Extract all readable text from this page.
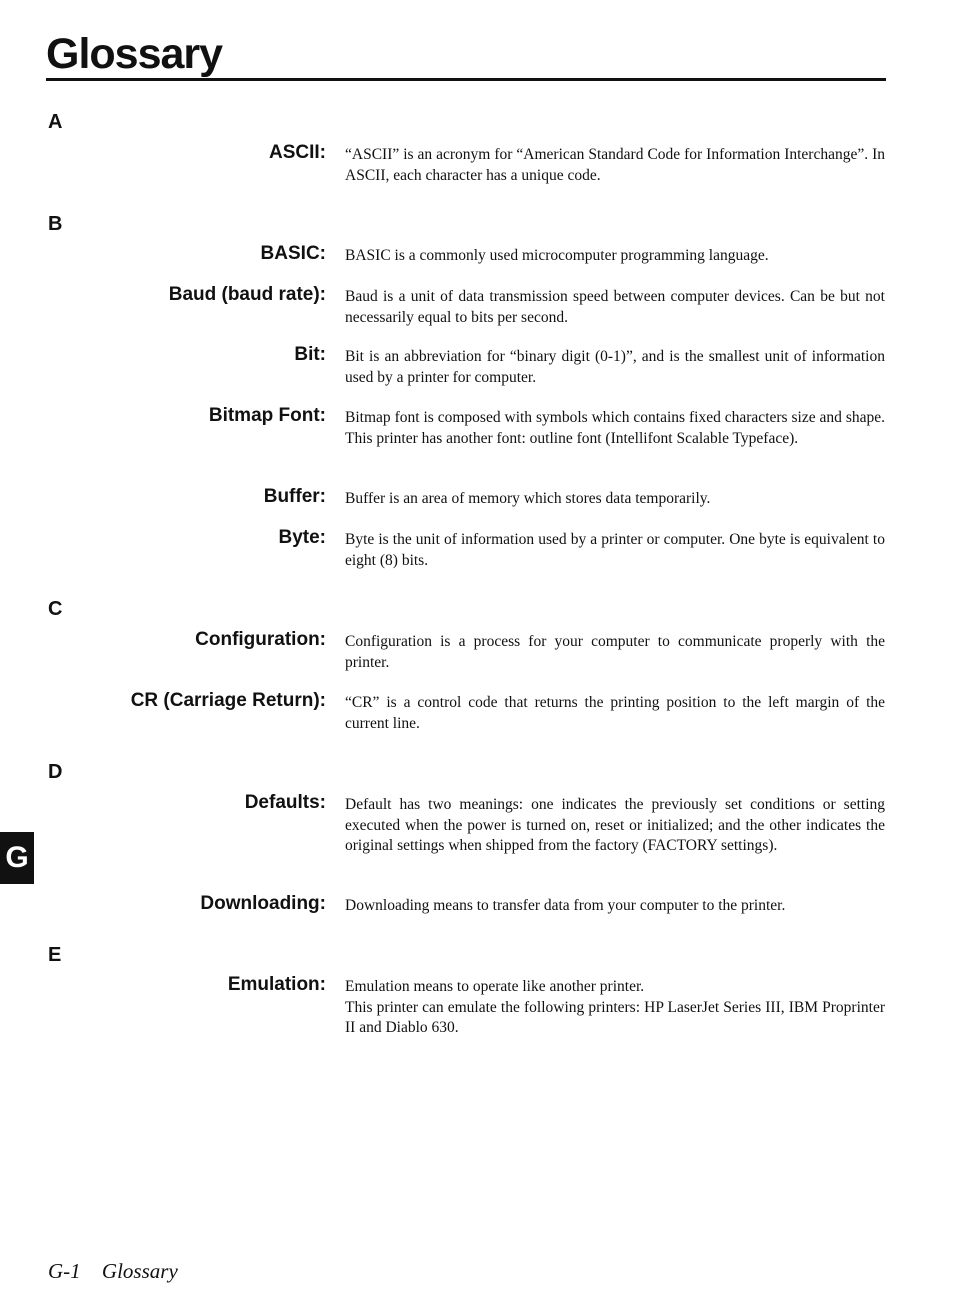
Glossary
A
ASCII: “ASCII” is an acronym for “American Standard Code for Information Interchange”. In ASCII, each character has a unique code.
B
BASIC: BASIC is a commonly used microcomputer programming language.
Baud (baud rate): Baud is a unit of data transmission speed between computer devices. Can be but not necessarily equal to bits per second.
Bit: Bit is an abbreviation for “binary digit (0-1)”, and is the smallest unit of information used by a printer for computer.
Bitmap Font: Bitmap font is composed with symbols which contains fixed characters size and shape. This printer has another font: outline font (Intellifont Scalable Typeface).
Buffer: Buffer is an area of memory which stores data temporarily.
Byte: Byte is the unit of information used by a printer or computer. One byte is equivalent to eight (8) bits.
C
Configuration: Configuration is a process for your computer to communicate properly with the printer.
CR (Carriage Return): “CR” is a control code that returns the printing position to the left margin of the current line.
D
Defaults: Default has two meanings: one indicates the previously set conditions or setting executed when the power is turned on, reset or initialized; and the other indicates the original settings when shipped from the factory (FACTORY settings).
Downloading: Downloading means to transfer data from your computer to the printer.
E
Emulation: Emulation means to operate like another printer.

This printer can emulate the following printers: HP LaserJet Series III, IBM Proprinter II and Diablo 630.

G
G-1 Glossary
